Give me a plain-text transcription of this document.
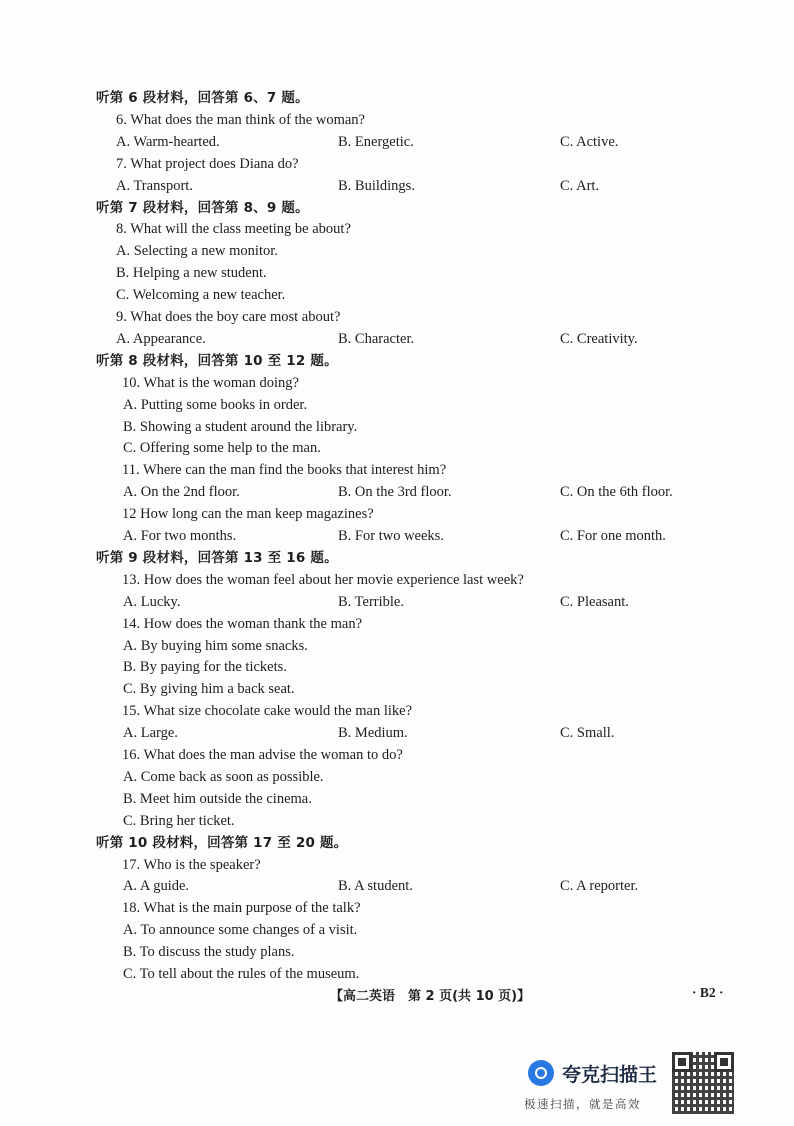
听第 6 段材料，回答第 6、7 题。
6. What does the man think of the woman?
A. Warm-hearted.	B. Energetic.	C. Active.
7. What project does Diana do?
A. Transport.	B. Buildings.	C. Art.
听第 7 段材料，回答第 8、9 题。
8. What will the class meeting be about?
A. Selecting a new monitor.
B. Helping a new student.
C. Welcoming a new teacher.
9. What does the boy care most about?
A. Appearance.	B. Character.	C. Creativity.
听第 8 段材料，回答第 10 至 12 题。
10. What is the woman doing?
A. Putting some books in order.
B. Showing a student around the library.
C. Offering some help to the man.
11. Where can the man find the books that interest him?
A. On the 2nd floor.	B. On the 3rd floor.	C. On the 6th floor.
12 How long can the man keep magazines?
A. For two months.	B. For two weeks.	C. For one month.
听第 9 段材料，回答第 13 至 16 题。
13. How does the woman feel about her movie experience last week?
A. Lucky.	B. Terrible.	C. Pleasant.
14. How does the woman thank the man?
A. By buying him some snacks.
B. By paying for the tickets.
C. By giving him a back seat.
15. What size chocolate cake would the man like?
A. Large.	B. Medium.	C. Small.
16. What does the man advise the woman to do?
A. Come back as soon as possible.
B. Meet him outside the cinema.
C. Bring her ticket.
听第 10 段材料，回答第 17 至 20 题。
17. Who is the speaker?
A. A guide.	B. A student.	C. A reporter.
18. What is the main purpose of the talk?
A. To announce some changes of a visit.
B. To discuss the study plans.
C. To tell about the rules of the museum.
【高二英语　第 2 页(共 10 页)】	· B2 ·
夸克扫描王
极速扫描，就是高效
